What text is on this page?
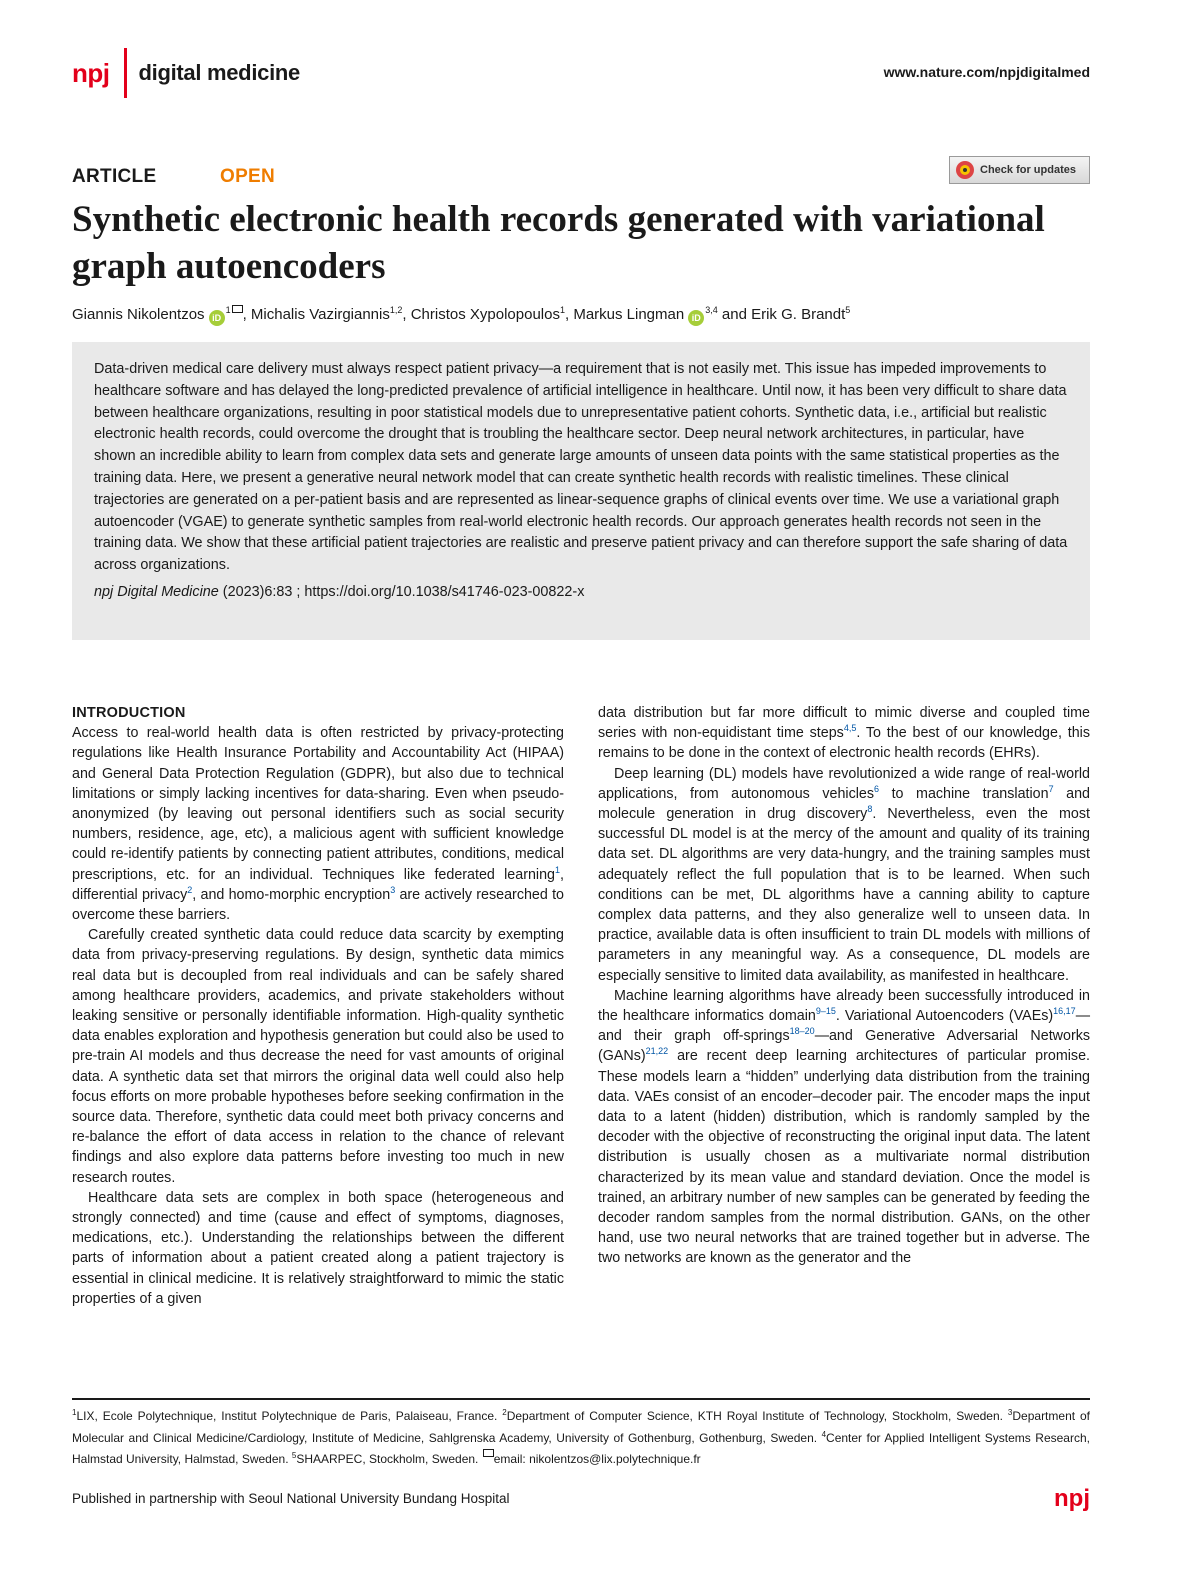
npj digital medicine	www.nature.com/npjdigitalmed
ARTICLE	OPEN	Check for updates
Synthetic electronic health records generated with variational graph autoencoders
Giannis Nikolentzos $iD^1$ , Michalis Vazirgiannis$^{1,2}$, Christos Xypolopoulos$^1$, Markus Lingman iD$^{3,4}$ and Erik G. Brandt$^5$

Data-driven medical care delivery must always respect patient privacy—a requirement that is not easily met. This issue has impeded improvements to healthcare software and has delayed the long-predicted prevalence of artificial intelligence in healthcare. Until now, it has been very difficult to share data between healthcare organizations, resulting in poor statistical models due to unrepresentative patient cohorts. Synthetic data, i.e., artificial but realistic electronic health records, could overcome the drought that is troubling the healthcare sector. Deep neural network architectures, in particular, have shown an incredible ability to learn from complex data sets and generate large amounts of unseen data points with the same statistical properties as the training data. Here, we present a generative neural network model that can create synthetic health records with realistic timelines. These clinical trajectories are generated on a per-patient basis and are represented as linear-sequence graphs of clinical events over time. We use a variational graph autoencoder (VGAE) to generate synthetic samples from real-world electronic health records. Our approach generates health records not seen in the training data. We show that these artificial patient trajectories are realistic and preserve patient privacy and can therefore support the safe sharing of data across organizations.

npj Digital Medicine (2023)6:83 ; https://doi.org/10.1038/s41746-023-00822-x

INTRODUCTION

Access to real-world health data is often restricted by privacy-protecting regulations like Health Insurance Portability and Accountability Act (HIPAA) and General Data Protection Regulation (GDPR), but also due to technical limitations or simply lacking incentives for data-sharing. Even when pseudo-anonymized (by leaving out personal identifiers such as social security numbers, residence, age, etc), a malicious agent with sufficient knowledge could re-identify patients by connecting patient attributes, conditions, medical prescriptions, etc. for an individual. Techniques like federated learning$^1$, differential privacy$^2$, and homo-morphic encryption$^3$ are actively researched to overcome these barriers.

Carefully created synthetic data could reduce data scarcity by exempting data from privacy-preserving regulations. By design, synthetic data mimics real data but is decoupled from real individuals and can be safely shared among healthcare providers, academics, and private stakeholders without leaking sensitive or personally identifiable information. High-quality synthetic data enables exploration and hypothesis generation but could also be used to pre-train AI models and thus decrease the need for vast amounts of original data. A synthetic data set that mirrors the original data well could also help focus efforts on more probable hypotheses before seeking confirmation in the source data. Therefore, synthetic data could meet both privacy concerns and re-balance the effort of data access in relation to the chance of relevant findings and also explore data patterns before investing too much in new research routes.

Healthcare data sets are complex in both space (heterogeneous and strongly connected) and time (cause and effect of symptoms, diagnoses, medications, etc.). Understanding the relationships between the different parts of information about a patient created along a patient trajectory is essential in clinical medicine. It is relatively straightforward to mimic the static properties of a given

data distribution but far more difficult to mimic diverse and coupled time series with non-equidistant time steps$^{4,5}$. To the best of our knowledge, this remains to be done in the context of electronic health records (EHRs).

Deep learning (DL) models have revolutionized a wide range of real-world applications, from autonomous vehicles$^6$ to machine translation$^7$ and molecule generation in drug discovery$^8$. Nevertheless, even the most successful DL model is at the mercy of the amount and quality of its training data set. DL algorithms are very data-hungry, and the training samples must adequately reflect the full population that is to be learned. When such conditions can be met, DL algorithms have a canning ability to capture complex data patterns, and they also generalize well to unseen data. In practice, available data is often insufficient to train DL models with millions of parameters in any meaningful way. As a consequence, DL models are especially sensitive to limited data availability, as manifested in healthcare.

Machine learning algorithms have already been successfully introduced in the healthcare informatics domain$^{9-15}$. Variational Autoencoders (VAEs)$^{16,17}$—and their graph off-springs$^{18-20}$—and Generative Adversarial Networks (GANs)$^{21,22}$ are recent deep learning architectures of particular promise. These models learn a “hidden” underlying data distribution from the training data. VAEs consist of an encoder–decoder pair. The encoder maps the input data to a latent (hidden) distribution, which is randomly sampled by the decoder with the objective of reconstructing the original input data. The latent distribution is usually chosen as a multivariate normal distribution characterized by its mean value and standard deviation. Once the model is trained, an arbitrary number of new samples can be generated by feeding the decoder random samples from the normal distribution. GANs, on the other hand, use two neural networks that are trained together but in adverse. The two networks are known as the generator and the

$^1$LIX, Ecole Polytechnique, Institut Polytechnique de Paris, Palaiseau, France. $^2$Department of Computer Science, KTH Royal Institute of Technology, Stockholm, Sweden. $^3$Department of Molecular and Clinical Medicine/Cardiology, Institute of Medicine, Sahlgrenska Academy, University of Gothenburg, Gothenburg, Sweden. $^4$Center for Applied Intelligent Systems Research, Halmstad University, Halmstad, Sweden. $^5$SHAARPEC, Stockholm, Sweden. email: nikolentzos@lix.polytechnique.fr
Published in partnership with Seoul National University Bundang Hospital	npj
